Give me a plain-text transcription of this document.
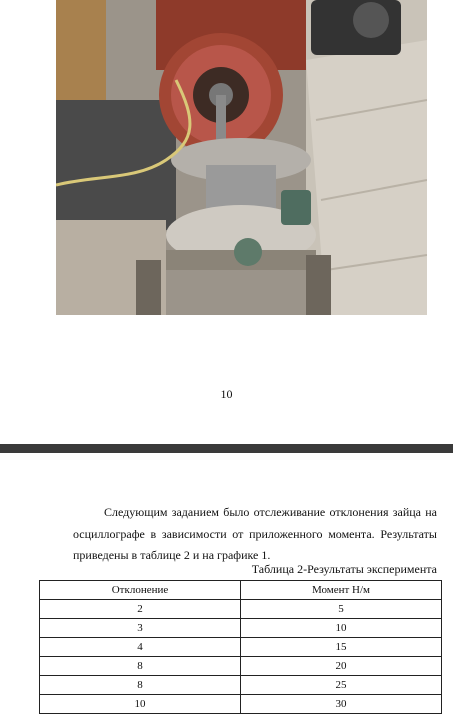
10

Следующим заданием было отслеживание отклонения зайца на осциллографе в зависимости от приложенного момента. Результаты приведены в таблице 2 и на графике 1.

Таблица 2-Результаты эксперимента
Отклонение	Момент Н/м
2	5
3	10
4	15
8	20
8	25
10	30
